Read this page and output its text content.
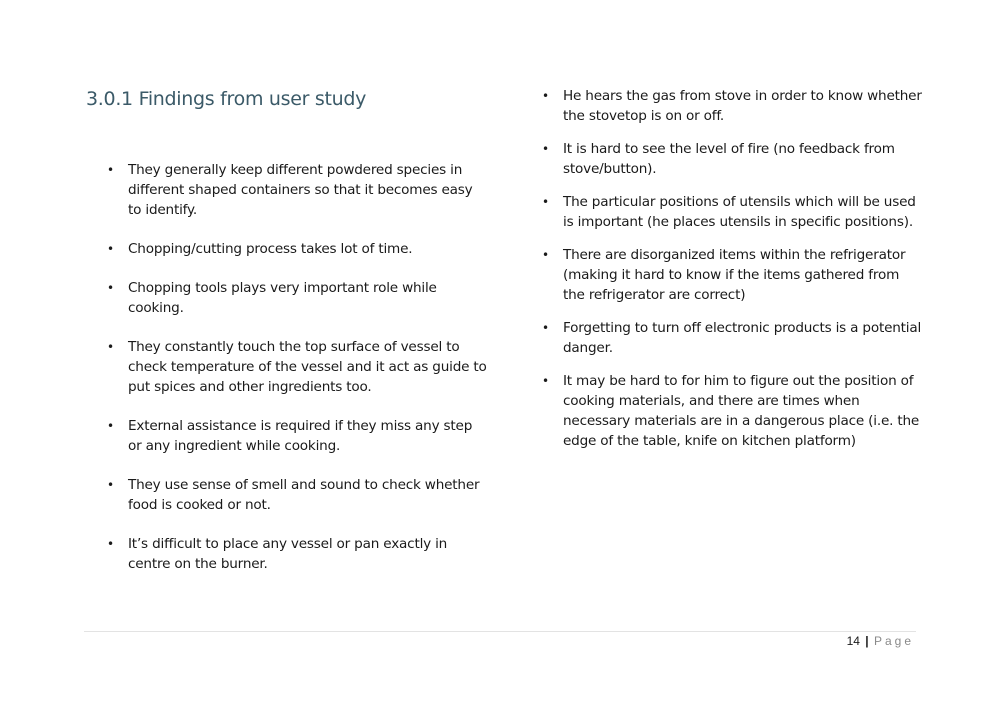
3.0.1 Findings from user study
• They generally keep different powdered species in different shaped containers so that it becomes easy to identify.
• Chopping/cutting process takes lot of time.
• Chopping tools plays very important role while cooking.
• They constantly touch the top surface of vessel to check temperature of the vessel and it act as guide to put spices and other ingredients too.
• External assistance is required if they miss any step or any ingredient while cooking.
• They use sense of smell and sound to check whether food is cooked or not.
• It’s difficult to place any vessel or pan exactly in centre on the burner.
• He hears the gas from stove in order to know whether the stovetop is on or off.
• It is hard to see the level of fire (no feedback from stove/button).
• The particular positions of utensils which will be used is important (he places utensils in specific positions).
• There are disorganized items within the refrigerator (making it hard to know if the items gathered from the refrigerator are correct)
• Forgetting to turn off electronic products is a potential danger.
• It may be hard to for him to figure out the position of cooking materials, and there are times when necessary materials are in a dangerous place (i.e. the edge of the table, knife on kitchen platform)
14 | Page
